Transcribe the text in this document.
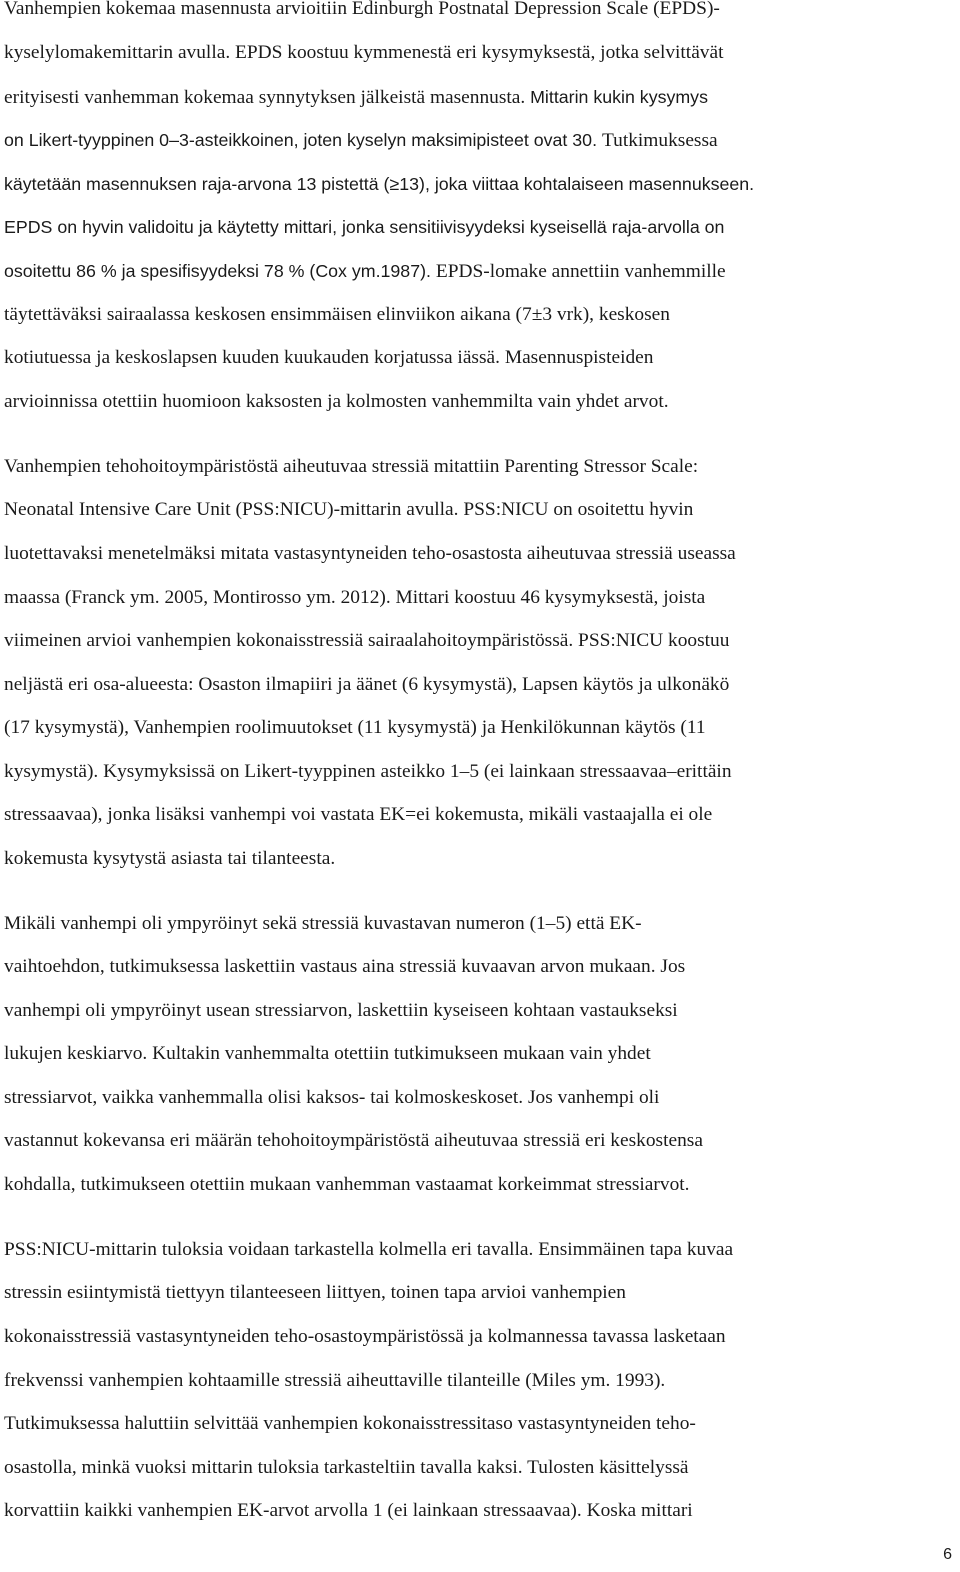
Vanhempien kokemaa masennusta arvioitiin Edinburgh Postnatal Depression Scale (EPDS)-
kyselylomakemittarin avulla. EPDS koostuu kymmenestä eri kysymyksestä, jotka selvittävät
erityisesti vanhemman kokemaa synnytyksen jälkeistä masennusta. Mittarin kukin kysymys
on Likert-tyyppinen 0–3-asteikkoinen, joten kyselyn maksimipisteet ovat 30. Tutkimuksessa
käytetään masennuksen raja-arvona 13 pistettä (≥13), joka viittaa kohtalaiseen masennukseen.
EPDS on hyvin validoitu ja käytetty mittari, jonka sensitiivisyydeksi kyseisellä raja-arvolla on
osoitettu 86 % ja spesifisyydeksi 78 % (Cox ym.1987). EPDS-lomake annettiin vanhemmille
täytettäväksi sairaalassa keskosen ensimmäisen elinviikon aikana (7±3 vrk), keskosen
kotiutuessa ja keskoslapsen kuuden kuukauden korjatussa iässä. Masennuspisteiden
arvioinnissa otettiin huomioon kaksosten ja kolmosten vanhemmilta vain yhdet arvot.
Vanhempien tehohoitoympäristöstä aiheutuvaa stressiä mitattiin Parenting Stressor Scale:
Neonatal Intensive Care Unit (PSS:NICU)-mittarin avulla. PSS:NICU on osoitettu hyvin
luotettavaksi menetelmäksi mitata vastasyntyneiden teho-osastosta aiheutuvaa stressiä useassa
maassa (Franck ym. 2005, Montirosso ym. 2012). Mittari koostuu 46 kysymyksestä, joista
viimeinen arvioi vanhempien kokonaisstressiä sairaalahoitoympäristössä. PSS:NICU koostuu
neljästä eri osa-alueesta: Osaston ilmapiiri ja äänet (6 kysymystä), Lapsen käytös ja ulkonäkö
(17 kysymystä), Vanhempien roolimuutokset (11 kysymystä) ja Henkilökunnan käytös (11
kysymystä). Kysymyksissä on Likert-tyyppinen asteikko 1–5 (ei lainkaan stressaavaa–erittäin
stressaavaa), jonka lisäksi vanhempi voi vastata EK=ei kokemusta, mikäli vastaajalla ei ole
kokemusta kysytystä asiasta tai tilanteesta.
Mikäli vanhempi oli ympyröinyt sekä stressiä kuvastavan numeron (1–5) että EK-
vaihtoehdon, tutkimuksessa laskettiin vastaus aina stressiä kuvaavan arvon mukaan. Jos
vanhempi oli ympyröinyt usean stressiarvon, laskettiin kyseiseen kohtaan vastaukseksi
lukujen keskiarvo. Kultakin vanhemmalta otettiin tutkimukseen mukaan vain yhdet
stressiarvot, vaikka vanhemmalla olisi kaksos- tai kolmoskeskoset. Jos vanhempi oli
vastannut kokevansa eri määrän tehohoitoympäristöstä aiheutuvaa stressiä eri keskostensa
kohdalla, tutkimukseen otettiin mukaan vanhemman vastaamat korkeimmat stressiarvot.
PSS:NICU-mittarin tuloksia voidaan tarkastella kolmella eri tavalla. Ensimmäinen tapa kuvaa
stressin esiintymistä tiettyyn tilanteeseen liittyen, toinen tapa arvioi vanhempien
kokonaisstressiä vastasyntyneiden teho-osastoympäristössä ja kolmannessa tavassa lasketaan
frekvenssi vanhempien kohtaamille stressiä aiheuttaville tilanteille (Miles ym. 1993).
Tutkimuksessa haluttiin selvittää vanhempien kokonaisstressitaso vastasyntyneiden teho-
osastolla, minkä vuoksi mittarin tuloksia tarkasteltiin tavalla kaksi. Tulosten käsittelyssä
korvattiin kaikki vanhempien EK-arvot arvolla 1 (ei lainkaan stressaavaa). Koska mittari
6
